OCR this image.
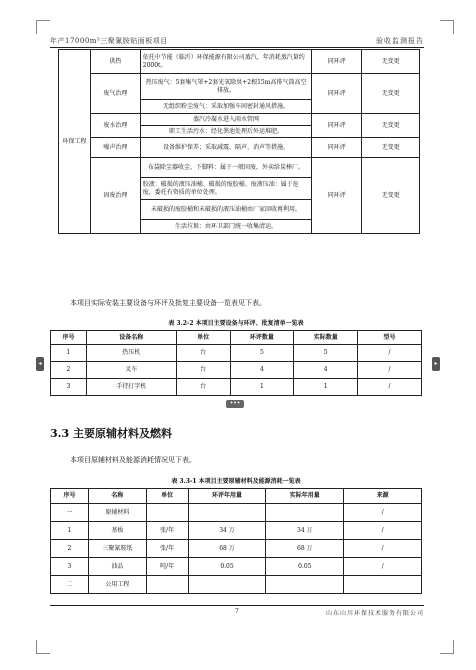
年产17000m³三聚氰胺贴面板项目	验收监测报告
环保工程	供热	依托中节能（临沂）环保能源有限公司蒸汽，年消耗蒸汽量约2000t。	同环评	无变更
	废气治理	热压废气：5套集气罩+2套光氧除臭+2根15m高排气筒高空排放。	同环评	无变更
		无组织粉尘废气：采取加强车间密封通风措施。		
	废水治理	蒸汽冷凝水进入雨水管网	同环评	无变更
		职工生活污水：经化粪池处理后外运堆肥。		
	噪声治理	设备维护保养；采取减震、隔声、消声等措施。	同环评	无变更
	固废治理	布袋除尘器收尘、下脚料：属于一般固废，外卖给炭棒厂。	同环评	无变更
		胶液：破损的液压油桶、破损的废胶桶、废液压油：属于危废，委托有资质的单位处理。		
		未破损的废胶桶和未破损的液压油桶由厂家回收再利用。		
		生活垃圾：由环卫部门统一收集清运。		
本项目实际安装主要设备与环评及批复主要设备一览表见下表。
表 3.2-2 本项目主要设备与环评、批复清单一览表
序号	设备名称	单位	环评数量	实际数量	型号
1	热压机	台	5	5	/
2	叉车	台	4	4	/
3	手持打字机	台	1	1	/
◂	▸
•••
3.3 主要原辅材料及燃料
本项目原辅材料及能源消耗情况见下表。
表 3.3-1 本项目主要原辅材料及能源消耗一览表
序号	名称	单位	环评年用量	实际年用量	来源
一	原辅材料				/
1	基板	张/年	34 万	34 万	/
2	三聚氰胺纸	张/年	68 万	68 万	/
3	油品	吨/年	0.05	0.05	/
二	公用工程				
7	山东山川环保技术服务有限公司
